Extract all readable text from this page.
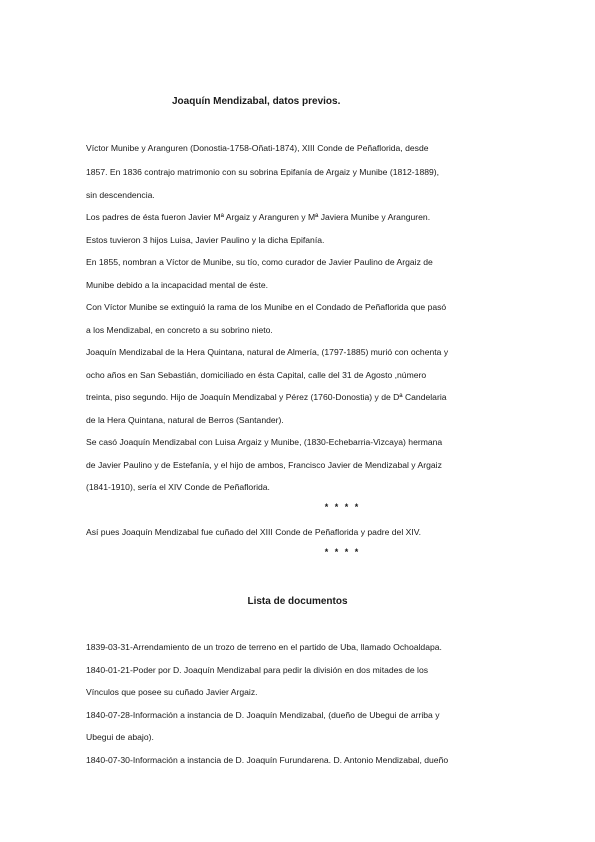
Joaquín Mendizabal, datos previos.
Víctor Munibe y Aranguren (Donostia-1758-Oñati-1874), XIII Conde de Peñaflorida, desde
1857. En 1836 contrajo matrimonio con su sobrina Epifanía de Argaiz y Munibe (1812-1889),
sin descendencia.
Los padres de ésta fueron Javier Mª Argaiz y Aranguren y Mª Javiera Munibe y Aranguren.
Estos tuvieron 3 hijos Luisa, Javier Paulino y la dicha Epifanía.
En 1855, nombran a Víctor de Munibe, su tío, como curador de Javier Paulino de Argaiz de
Munibe debido a la incapacidad mental de éste.
Con Víctor Munibe se extinguió la rama de los Munibe en el Condado de Peñaflorida que pasó
a los Mendizabal, en concreto a su sobrino nieto.
Joaquín Mendizabal de la Hera Quintana, natural de Almería, (1797-1885) murió con ochenta y
ocho años en San Sebastián, domiciliado en ésta Capital, calle del 31 de Agosto ,número
treinta, piso segundo. Hijo de Joaquín Mendizabal y Pérez (1760-Donostia) y de Dª Candelaria
de la Hera Quintana, natural de Berros (Santander).
Se casó Joaquín Mendizabal con Luisa Argaiz y Munibe, (1830-Echebarria-Vizcaya) hermana
de Javier Paulino y de Estefanía, y el hijo de ambos, Francisco Javier de Mendizabal y Argaiz
(1841-1910), sería el XIV Conde de Peñaflorida.
* * * *
Así pues Joaquín Mendizabal fue cuñado del XIII Conde de Peñaflorida y padre del XIV.
* * * *
Lista de documentos
1839-03-31-Arrendamiento de un trozo de terreno en el partido de Uba, llamado Ochoaldapa.
1840-01-21-Poder por D. Joaquín Mendizabal para pedir la división en dos mitades de los
Vínculos que posee su cuñado Javier Argaiz.
1840-07-28-Información a instancia de D. Joaquín Mendizabal, (dueño de Ubegui de arriba y
Ubegui de abajo).
1840-07-30-Información a instancia de D. Joaquín Furundarena. D. Antonio Mendizabal, dueño
